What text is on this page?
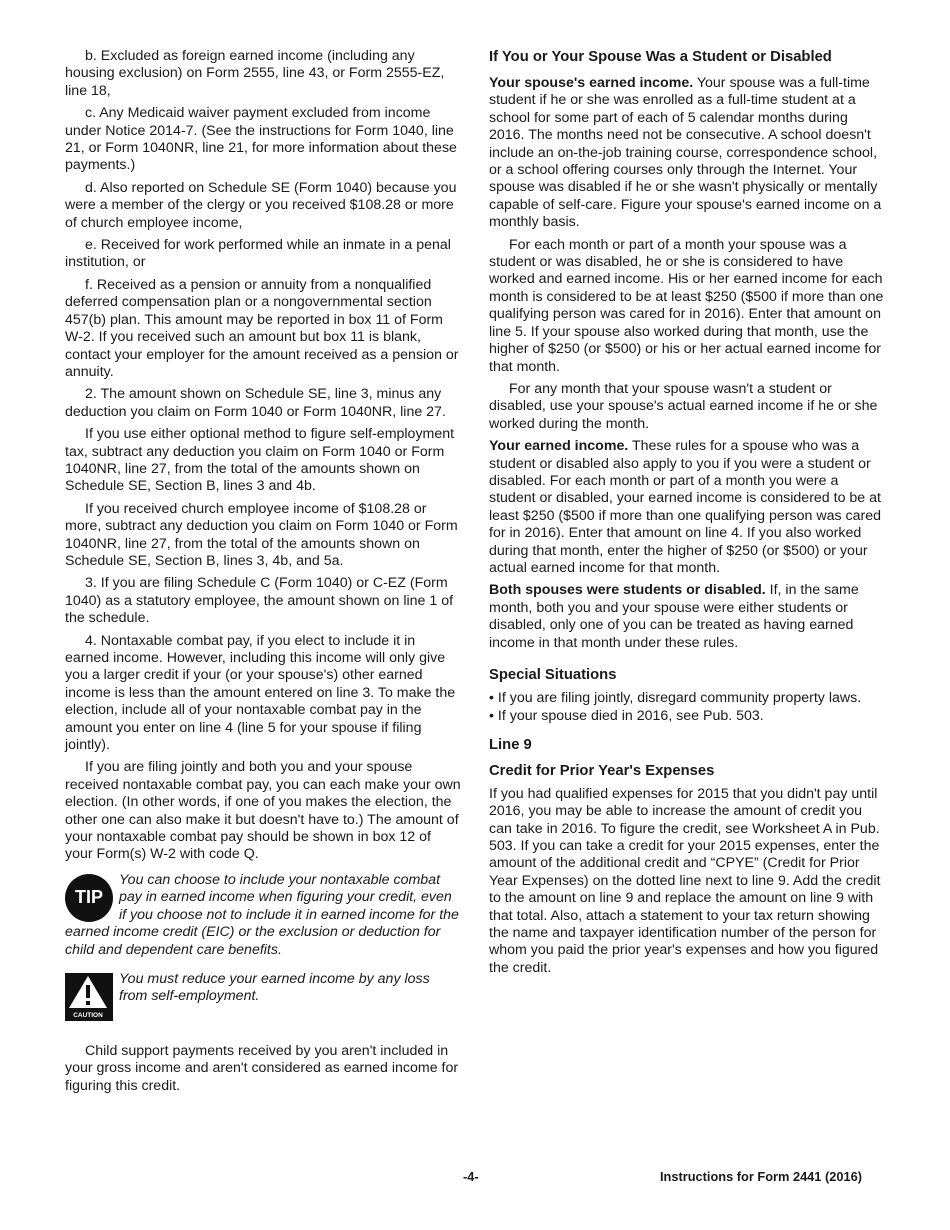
b. Excluded as foreign earned income (including any housing exclusion) on Form 2555, line 43, or Form 2555-EZ, line 18,

c. Any Medicaid waiver payment excluded from income under Notice 2014-7. (See the instructions for Form 1040, line 21, or Form 1040NR, line 21, for more information about these payments.)

d. Also reported on Schedule SE (Form 1040) because you were a member of the clergy or you received $108.28 or more of church employee income,

e. Received for work performed while an inmate in a penal institution, or

f. Received as a pension or annuity from a nonqualified deferred compensation plan or a nongovernmental section 457(b) plan. This amount may be reported in box 11 of Form W-2. If you received such an amount but box 11 is blank, contact your employer for the amount received as a pension or annuity.

2. The amount shown on Schedule SE, line 3, minus any deduction you claim on Form 1040 or Form 1040NR, line 27.

If you use either optional method to figure self-employment tax, subtract any deduction you claim on Form 1040 or Form 1040NR, line 27, from the total of the amounts shown on Schedule SE, Section B, lines 3 and 4b.

If you received church employee income of $108.28 or more, subtract any deduction you claim on Form 1040 or Form 1040NR, line 27, from the total of the amounts shown on Schedule SE, Section B, lines 3, 4b, and 5a.

3. If you are filing Schedule C (Form 1040) or C-EZ (Form 1040) as a statutory employee, the amount shown on line 1 of the schedule.

4. Nontaxable combat pay, if you elect to include it in earned income. However, including this income will only give you a larger credit if your (or your spouse's) other earned income is less than the amount entered on line 3. To make the election, include all of your nontaxable combat pay in the amount you enter on line 4 (line 5 for your spouse if filing jointly).

If you are filing jointly and both you and your spouse received nontaxable combat pay, you can each make your own election. (In other words, if one of you makes the election, the other one can also make it but doesn't have to.) The amount of your nontaxable combat pay should be shown in box 12 of your Form(s) W-2 with code Q.

TIP
You can choose to include your nontaxable combat pay in earned income when figuring your credit, even if you choose not to include it in earned income for the earned income credit (EIC) or the exclusion or deduction for child and dependent care benefits.
CAUTION
You must reduce your earned income by any loss from self-employment.

Child support payments received by you aren't included in your gross income and aren't considered as earned income for figuring this credit.

If You or Your Spouse Was a Student or Disabled

Your spouse's earned income. Your spouse was a full-time student if he or she was enrolled as a full-time student at a school for some part of each of 5 calendar months during 2016. The months need not be consecutive. A school doesn't include an on-the-job training course, correspondence school, or a school offering courses only through the Internet. Your spouse was disabled if he or she wasn't physically or mentally capable of self-care. Figure your spouse's earned income on a monthly basis.

For each month or part of a month your spouse was a student or was disabled, he or she is considered to have worked and earned income. His or her earned income for each month is considered to be at least $250 ($500 if more than one qualifying person was cared for in 2016). Enter that amount on line 5. If your spouse also worked during that month, use the higher of $250 (or $500) or his or her actual earned income for that month.

For any month that your spouse wasn't a student or disabled, use your spouse's actual earned income if he or she worked during the month.

Your earned income. These rules for a spouse who was a student or disabled also apply to you if you were a student or disabled. For each month or part of a month you were a student or disabled, your earned income is considered to be at least $250 ($500 if more than one qualifying person was cared for in 2016). Enter that amount on line 4. If you also worked during that month, enter the higher of $250 (or $500) or your actual earned income for that month.

Both spouses were students or disabled. If, in the same month, both you and your spouse were either students or disabled, only one of you can be treated as having earned income in that month under these rules.

Special Situations

• If you are filing jointly, disregard community property laws.

• If your spouse died in 2016, see Pub. 503.

Line 9
Credit for Prior Year's Expenses

If you had qualified expenses for 2015 that you didn't pay until 2016, you may be able to increase the amount of credit you can take in 2016. To figure the credit, see Worksheet A in Pub. 503. If you can take a credit for your 2015 expenses, enter the amount of the additional credit and “CPYE” (Credit for Prior Year Expenses) on the dotted line next to line 9. Add the credit to the amount on line 9 and replace the amount on line 9 with that total. Also, attach a statement to your tax return showing the name and taxpayer identification number of the person for whom you paid the prior year's expenses and how you figured the credit.

-4-	Instructions for Form 2441 (2016)
